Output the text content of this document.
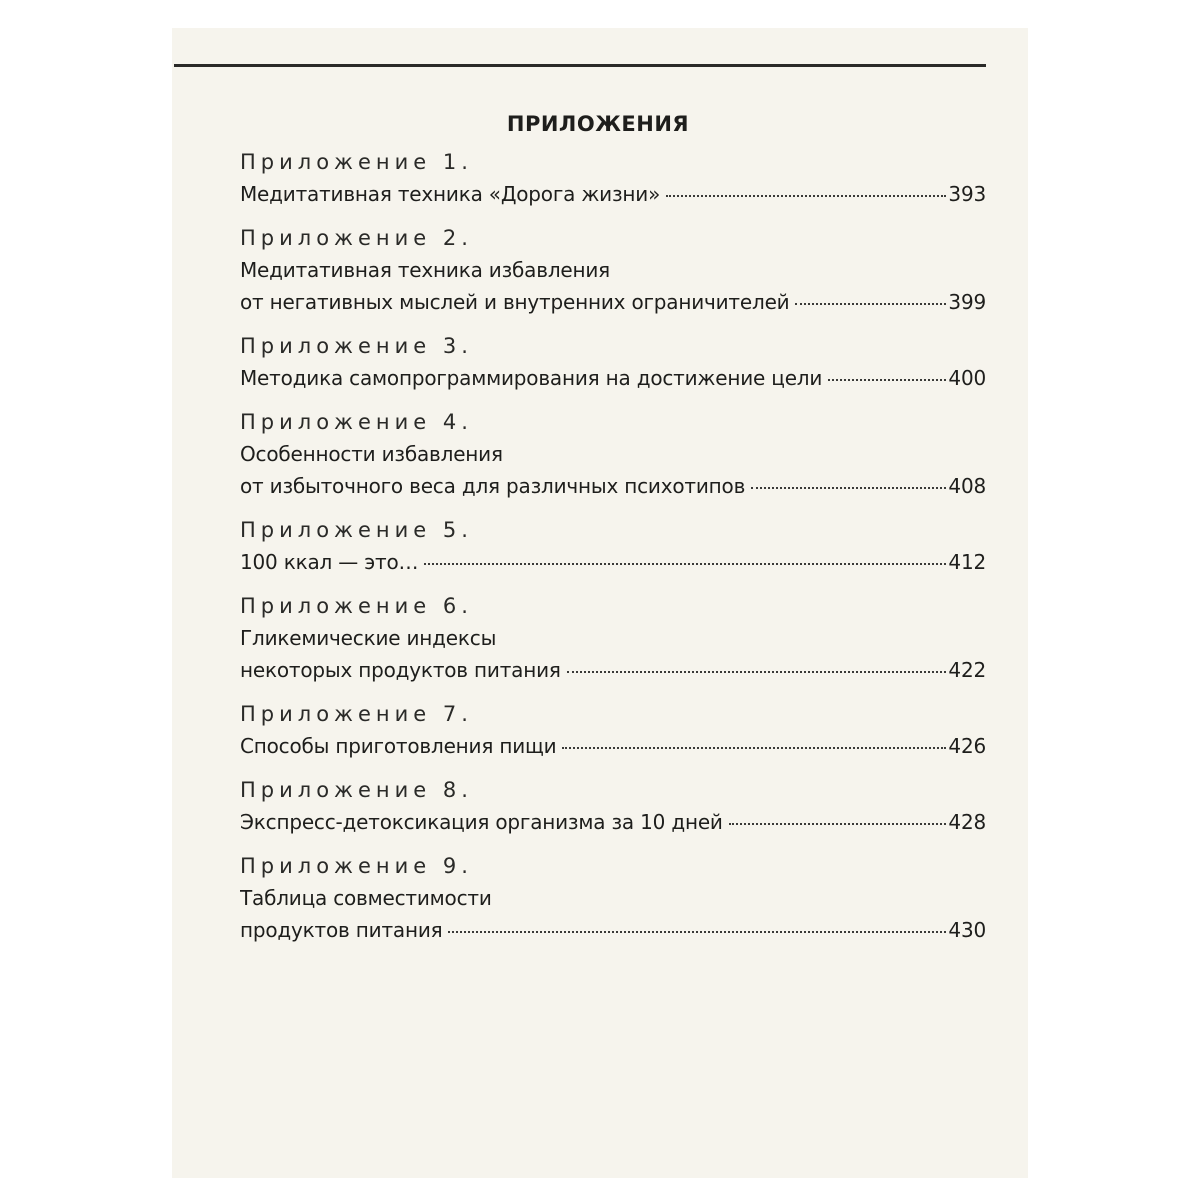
ПРИЛОЖЕНИЯ
Приложение 1.
Медитативная техника «Дорога жизни»	393
Приложение 2.
Медитативная техника избавления
от негативных мыслей и внутренних ограничителей	399
Приложение 3.
Методика самопрограммирования на достижение цели	400
Приложение 4.
Особенности избавления
от избыточного веса для различных психотипов	408
Приложение 5.
100 ккал — это…	412
Приложение 6.
Гликемические индексы
некоторых продуктов питания	422
Приложение 7.
Способы приготовления пищи	426
Приложение 8.
Экспресс-детоксикация организма за 10 дней	428
Приложение 9.
Таблица совместимости
продуктов питания	430
